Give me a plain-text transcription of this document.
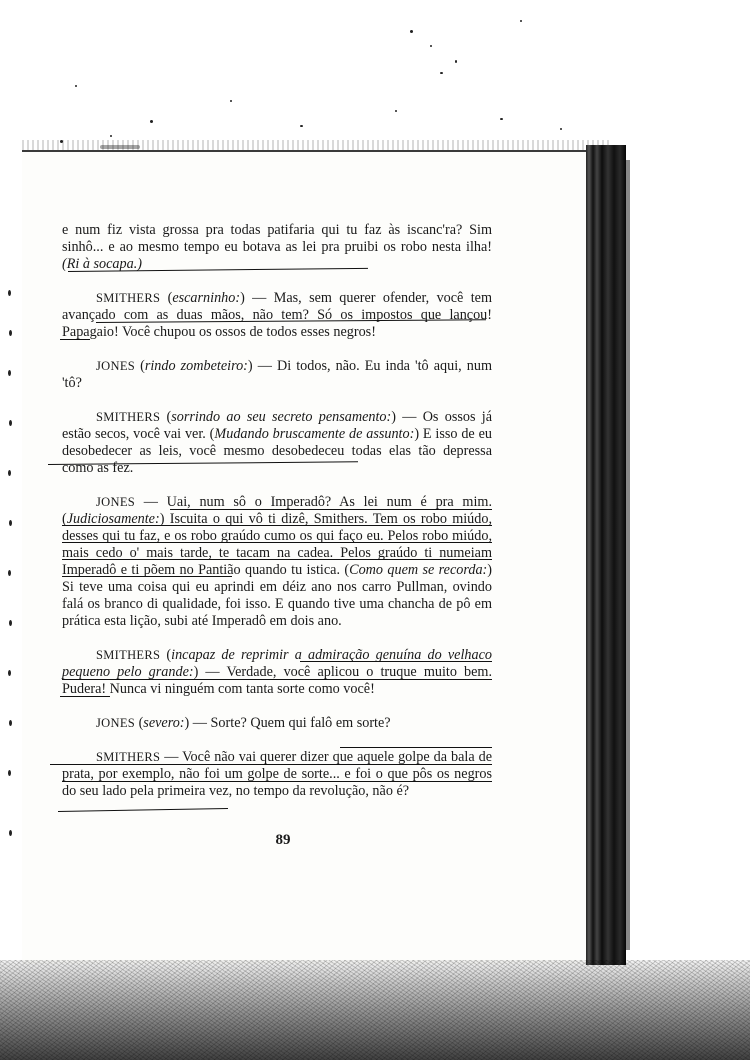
e num fiz vista grossa pra todas patifaria qui tu faz às iscanc'ra? Sim sinhô... e ao mesmo tempo eu botava as lei pra pruibi os robo nesta ilha! (Ri à socapa.)

SMITHERS (escarninho:) — Mas, sem querer ofender, você tem avançado com as duas mãos, não tem? Só os impostos que lançou! Papagaio! Você chupou os ossos de todos esses negros!

JONES (rindo zombeteiro:) — Di todos, não. Eu inda 'tô aqui, num 'tô?

SMITHERS (sorrindo ao seu secreto pensamento:) — Os ossos já estão secos, você vai ver. (Mudando bruscamente de assunto:) E isso de eu desobedecer as leis, você mesmo desobedeceu todas elas tão depressa como as fez.

JONES — Uai, num sô o Imperadô? As lei num é pra mim. (Judiciosamente:) Iscuita o qui vô ti dizê, Smithers. Tem os robo miúdo, desses qui tu faz, e os robo graúdo cumo os qui faço eu. Pelos robo miúdo, mais cedo o' mais tarde, te tacam na cadea. Pelos graúdo ti numeiam Imperadô e ti põem no Pantião quando tu istica. (Como quem se recorda:) Si teve uma coisa qui eu aprindi em déiz ano nos carro Pullman, ovindo falá os branco di qualidade, foi isso. E quando tive uma chancha de pô em prática esta lição, subi até Imperadô em dois ano.

SMITHERS (incapaz de reprimir a admiração genuína do velhaco pequeno pelo grande:) — Verdade, você aplicou o truque muito bem. Pudera! Nunca vi ninguém com tanta sorte como você!

JONES (severo:) — Sorte? Quem qui falô em sorte?

SMITHERS — Você não vai querer dizer que aquele golpe da bala de prata, por exemplo, não foi um golpe de sorte... e foi o que pôs os negros do seu lado pela primeira vez, no tempo da revolução, não é?

89
